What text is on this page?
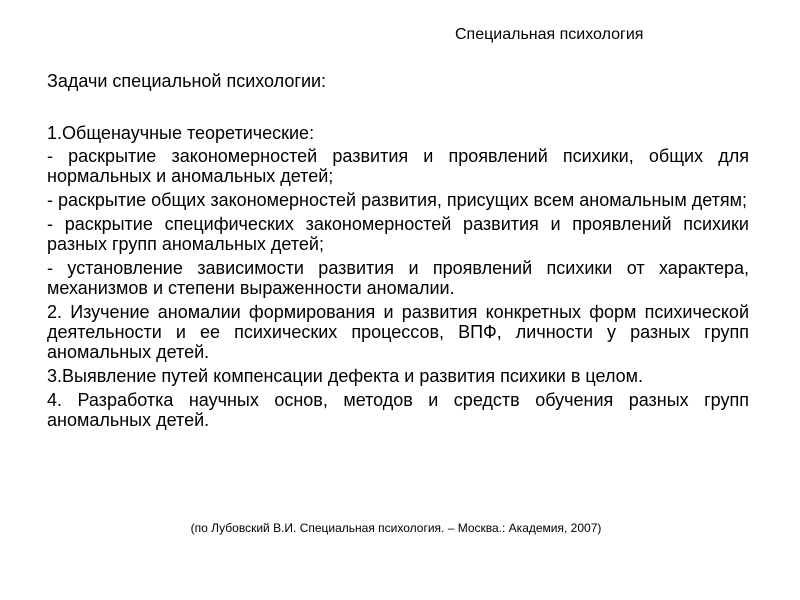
Специальная психология
Задачи специальной психологии:

1.Общенаучные теоретические:

- раскрытие закономерностей развития и проявлений психики, общих для нормальных и аномальных детей;

- раскрытие общих закономерностей развития, присущих всем аномальным детям;

- раскрытие специфических закономерностей развития и проявлений психики разных групп аномальных детей;

- установление зависимости развития и проявлений психики от характера, механизмов и степени выраженности аномалии.

2. Изучение аномалии формирования и развития конкретных форм психической деятельности и ее психических процессов, ВПФ, личности у разных групп аномальных детей.

3.Выявление путей компенсации дефекта и развития психики в целом.

4. Разработка научных основ, методов и средств обучения разных групп аномальных детей.

(по Лубовский В.И. Специальная психология. – Москва.: Академия, 2007)
